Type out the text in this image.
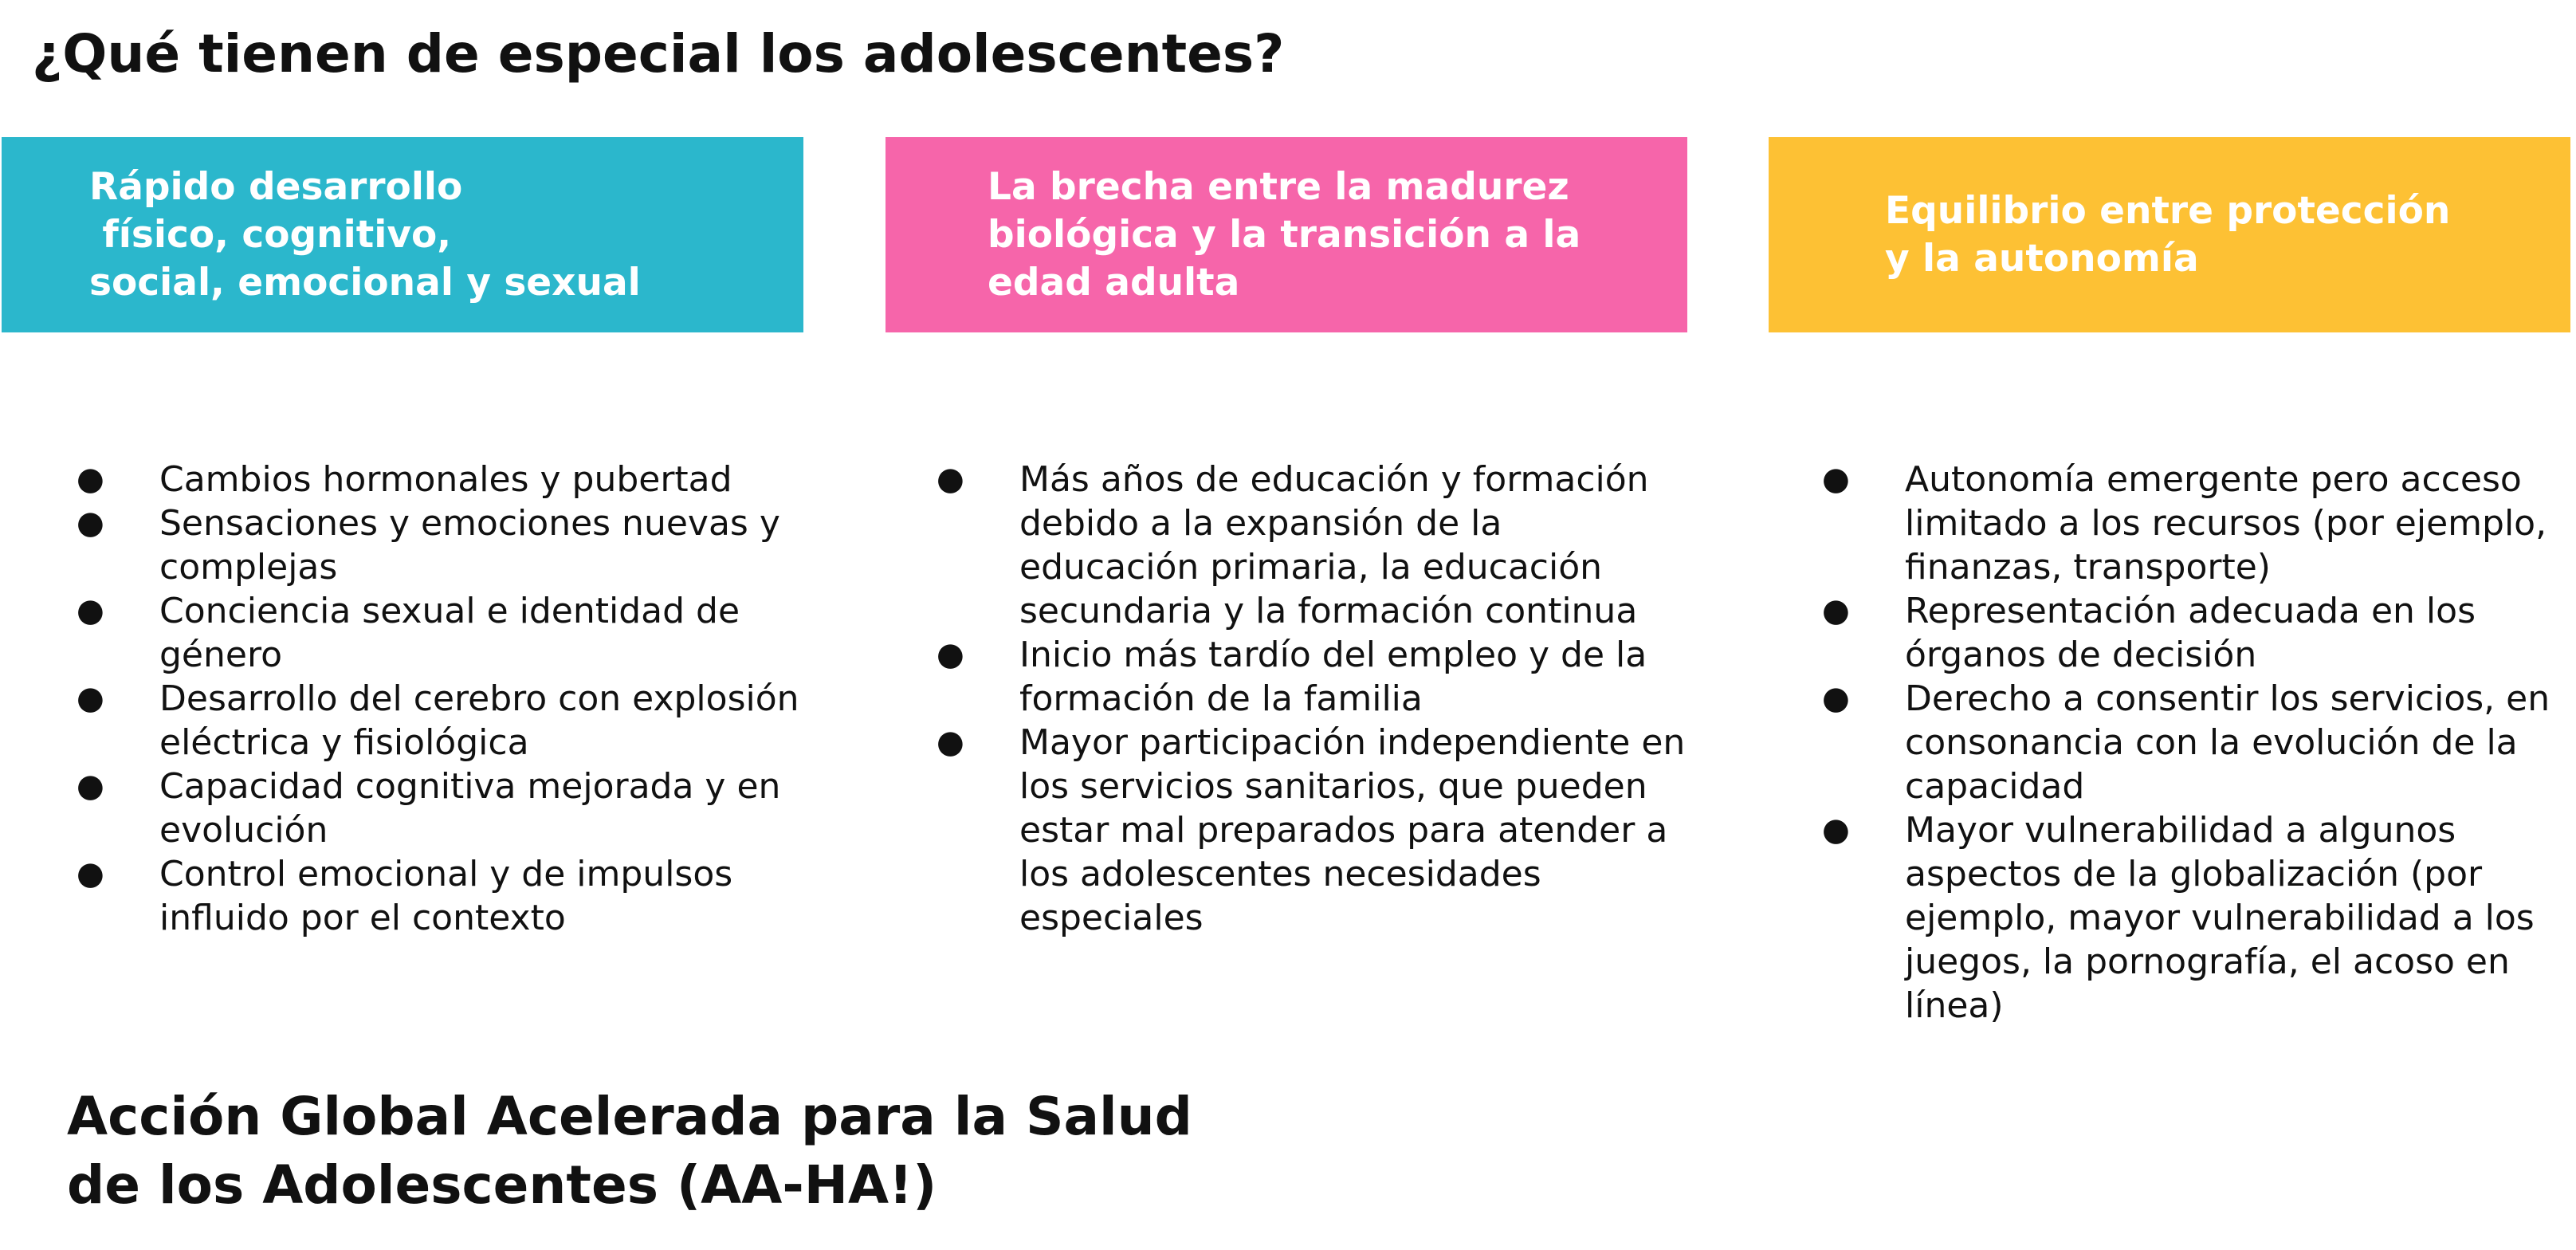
¿Qué tienen de especial los adolescentes?
Rápido desarrollo
físico, cognitivo,
social, emocional y sexual
La brecha entre la madurez
biológica y la transición a la
edad adulta
Equilibrio entre protección
y la autonomía
●	Cambios hormonales y pubertad
●	Sensaciones y emociones nuevas y complejas
●	Conciencia sexual e identidad de género
●	Desarrollo del cerebro con explosión eléctrica y fisiológica
●	Capacidad cognitiva mejorada y en evolución
●	Control emocional y de impulsos influido por el contexto
●	Más años de educación y formación debido a la expansión de la educación primaria, la educación secundaria y la formación continua
●	Inicio más tardío del empleo y de la formación de la familia
●	Mayor participación independiente en los servicios sanitarios, que pueden estar mal preparados para atender a los adolescentes necesidades especiales
●	Autonomía emergente pero acceso limitado a los recursos (por ejemplo, finanzas, transporte)
●	Representación adecuada en los órganos de decisión
●	Derecho a consentir los servicios, en consonancia con la evolución de la capacidad
●	Mayor vulnerabilidad a algunos aspectos de la globalización (por ejemplo, mayor vulnerabilidad a los juegos, la pornografía, el acoso en línea)
Acción Global Acelerada para la Salud
de los Adolescentes (AA-HA!)
